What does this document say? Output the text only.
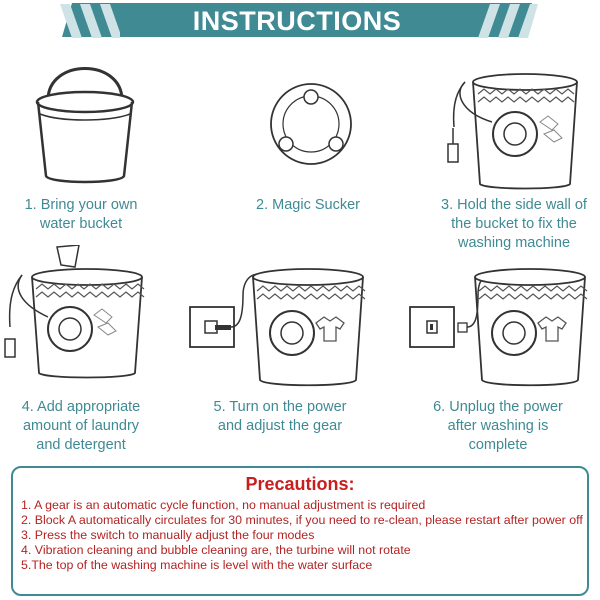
INSTRUCTIONS
1. Bring your own
water bucket
2. Magic Sucker	3. Hold the side wall of
the bucket to fix the
washing machine
4. Add appropriate
amount of laundry
and detergent
5. Turn on the power
and adjust the gear
6. Unplug the power
after washing is
complete
Precautions:
1. A gear is an automatic cycle function, no manual adjustment is required
2. Block A automatically circulates for 30 minutes, if you need to re-clean, please restart after power off
3. Press the switch to manually adjust the four modes
4. Vibration cleaning and bubble cleaning are, the turbine will not rotate
5.The top of the washing machine is level with the water surface
